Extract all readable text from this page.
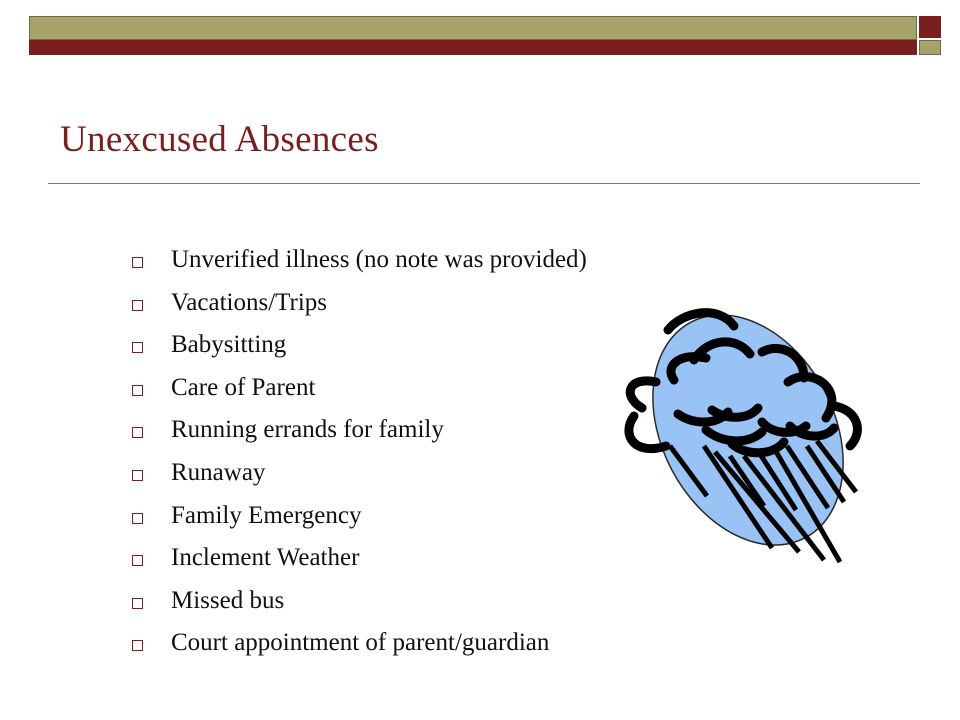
Unexcused Absences
Unverified illness (no note was provided)
Vacations/Trips
Babysitting
Care of Parent
Running errands for family
Runaway
Family Emergency
Inclement Weather
Missed bus
Court appointment of parent/guardian
